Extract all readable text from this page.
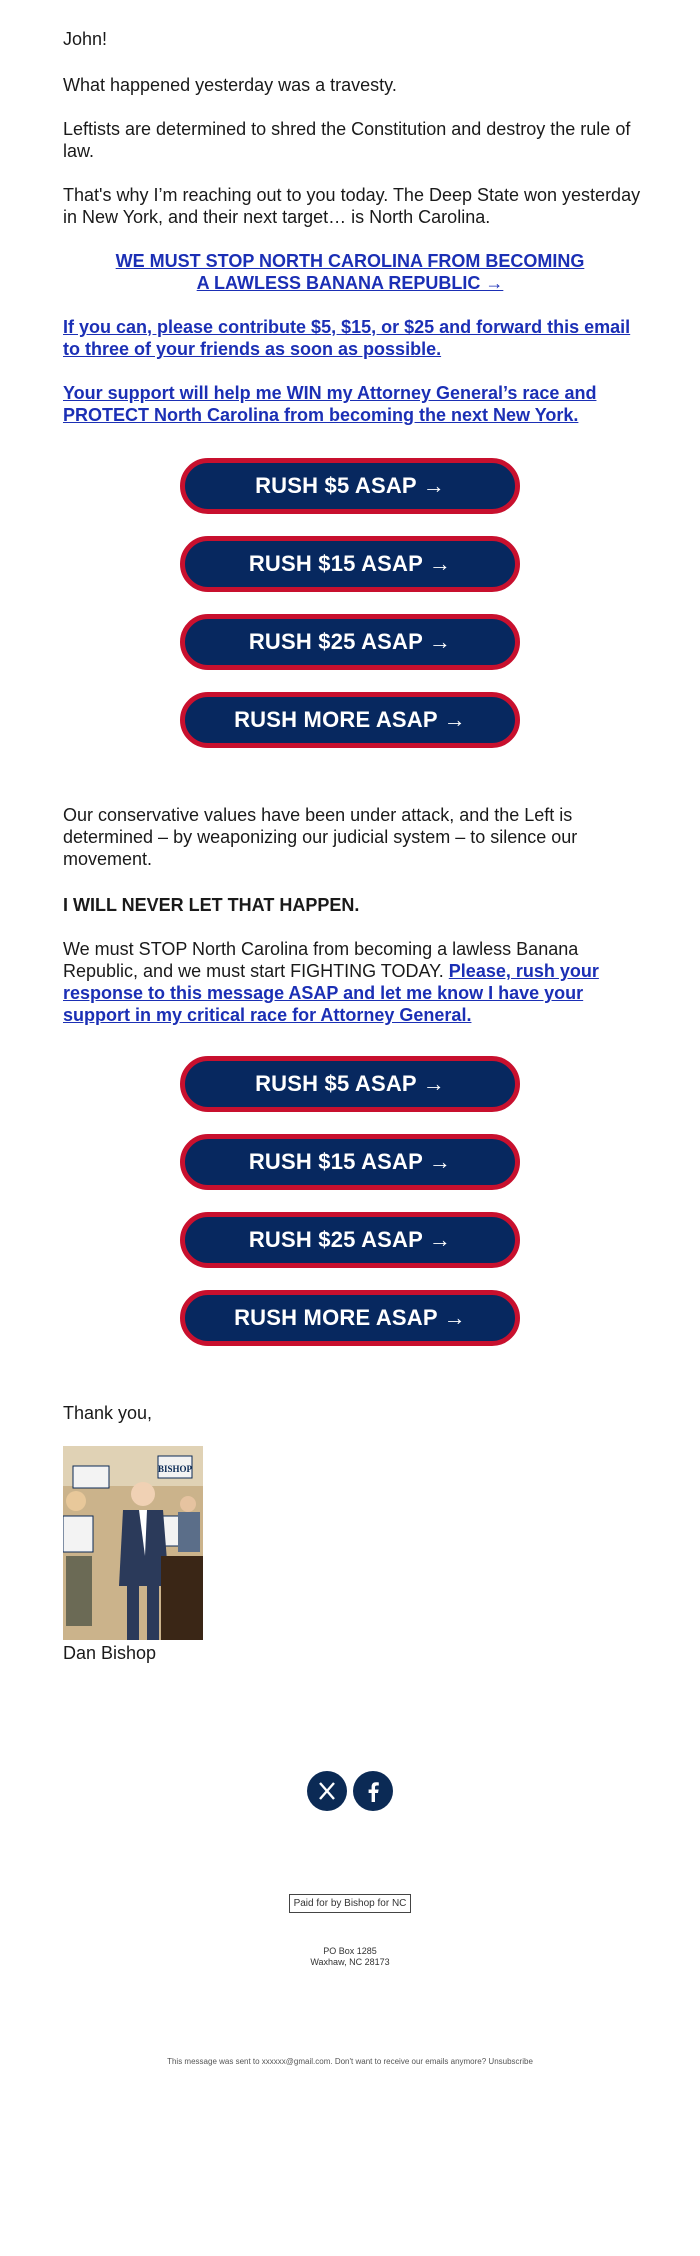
John!

What happened yesterday was a travesty.

Leftists are determined to shred the Constitution and destroy the rule of law.

That's why I’m reaching out to you today. The Deep State won yesterday in New York, and their next target… is North Carolina.

WE MUST STOP NORTH CAROLINA FROM BECOMING
A LAWLESS BANANA REPUBLIC →

If you can, please contribute $5, $15, or $25 and forward this email to three of your friends as soon as possible.

Your support will help me WIN my Attorney General’s race and PROTECT North Carolina from becoming the next New York.

RUSH $5 ASAP →
RUSH $15 ASAP →
RUSH $25 ASAP →
RUSH MORE ASAP →

Our conservative values have been under attack, and the Left is determined – by weaponizing our judicial system – to silence our movement.

I WILL NEVER LET THAT HAPPEN.

We must STOP North Carolina from becoming a lawless Banana Republic, and we must start FIGHTING TODAY. Please, rush your response to this message ASAP and let me know I have your support in my critical race for Attorney General.

RUSH $5 ASAP →
RUSH $15 ASAP →
RUSH $25 ASAP →
RUSH MORE ASAP →

Thank you,

BISHOP

Dan Bishop

Paid for by Bishop for NC
PO Box 1285
Waxhaw, NC 28173
This message was sent to xxxxxx@gmail.com. Don't want to receive our emails anymore? Unsubscribe
